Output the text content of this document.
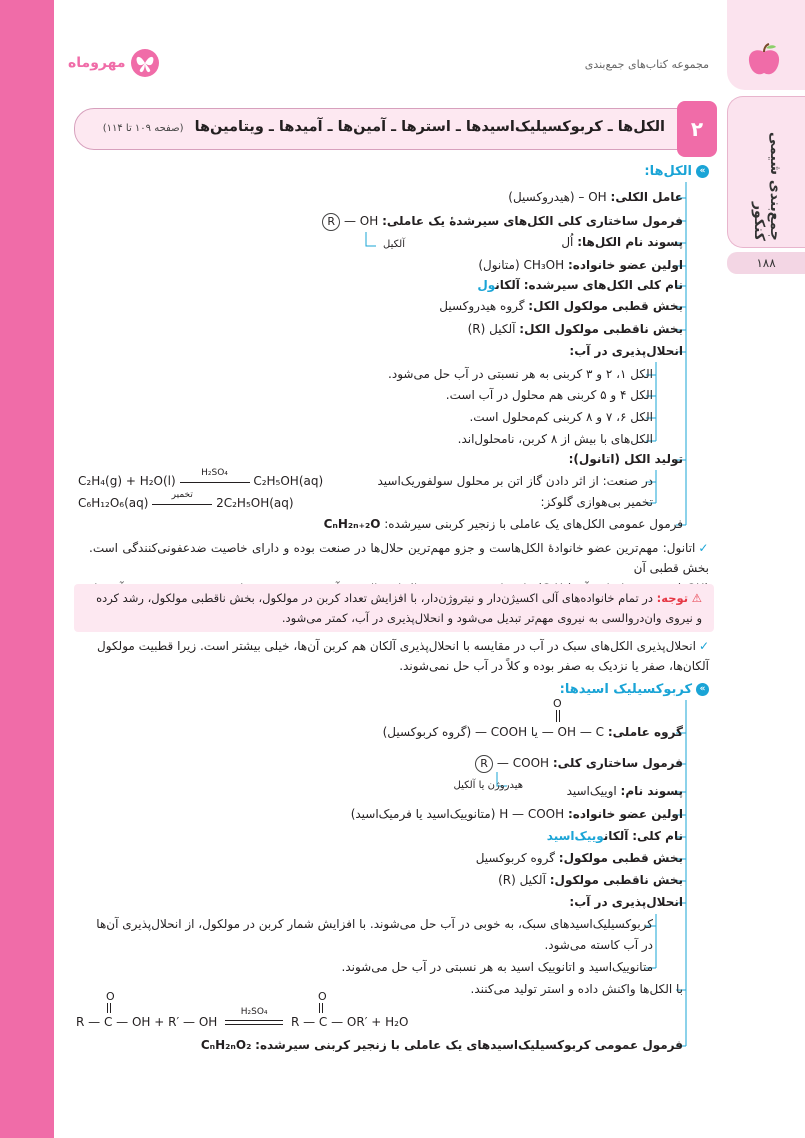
جمع‌بندی شیمی کنکور
۱۸۸
مجموعه کتاب‌های جمع‌بندی
مهروماه
۲
الکل‌ها ـ کربوکسیلیک‌اسیدها ـ استرها ـ آمین‌ها ـ آمیدها ـ ویتامین‌ها (صفحه ۱۰۹ تا ۱۱۴)
»الکل‌ها:
عامل الکلی: OH – (هیدروکسیل)
فرمول ساختاری کلی الکل‌های سیرشدهٔ یک عاملی: R — OH
آلکیل	پسوند نام الکل‌ها: اُل
اولین عضو خانواده: CH₃OH (متانول)
نام کلی الکل‌های سیرشده: آلکانول
بخش قطبی مولکول الکل: گروه هیدروکسیل
بخش ناقطبی مولکول الکل: آلکیل (R)
انحلال‌پذیری در آب:
الکل ۱، ۲ و ۳ کربنی به هر نسبتی در آب حل می‌شود.
الکل ۴ و ۵ کربنی هم محلول در آب است.
الکل ۶، ۷ و ۸ کربنی کم‌محلول است.
الکل‌های با بیش از ۸ کربن، نامحلول‌اند.
تولید الکل (اتانول):
در صنعت: از اثر دادن گاز اتن بر محلول سولفوریک‌اسید
تخمیر بی‌هوازی گلوکز:
C₂H₄(g) + H₂O(l)
H₂SO₄
C₂H₅OH(aq)
C₆H₁₂O₆(aq)
تخمیر
2C₂H₅OH(aq)
فرمول عمومی الکل‌های یک عاملی با زنجیر کربنی سیرشده: CₙH₂ₙ₊₂O
✓اتانول: مهم‌ترین عضو خانوادهٔ الکل‌هاست و جزو مهم‌ترین حلال‌ها در صنعت بوده و دارای خاصیت ضدعفونی‌کنندگی است. بخش قطبی آن
⚠ توجه: در تمام خانواده‌های آلی اکسیژن‌دار و نیتروژن‌دار، با افزایش تعداد کربن در مولکول، بخش ناقطبی مولکول، رشد کرده
و نیروی وان‌دروالسی به نیروی مهم‌تر تبدیل می‌شود و انحلال‌پذیری در آب، کمتر می‌شود.
✓انحلال‌پذیری الکل‌های سبک در آب در مقایسه با انحلال‌پذیری آلکان هم کربن آن‌ها، خیلی بیشتر است. زیرا قطبیت مولکول
آلکان‌ها، صفر یا نزدیک به صفر بوده و کلاً در آب حل نمی‌شوند.
»کربوکسیلیک اسیدها:
O
گروه عاملی: OH — C — یا COOH — (گروه کربوکسیل)
فرمول ساختاری کلی: R — COOH
هیدروژن یا آلکیل	پسوند نام: اوییک‌اسید
اولین عضو خانواده: H — COOH (متانوییک‌اسید یا فرمیک‌اسید)
نام کلی: آلکانوییک‌اسید
بخش قطبی مولکول: گروه کربوکسیل
بخش ناقطبی مولکول: آلکیل (R)
انحلال‌پذیری در آب:
کربوکسیلیک‌اسیدهای سبک، به خوبی در آب حل می‌شوند. با افزایش شمار کربن در مولکول، از انحلال‌پذیری آن‌ها
در آب کاسته می‌شود.
متانوییک‌اسید و اتانوییک اسید به هر نسبتی در آب حل می‌شوند.
با الکل‌ها واکنش داده و استر تولید می‌کنند.
O	O
R — C — OH + R′ — OH
H₂SO₄
R — C — OR′ + H₂O
فرمول عمومی کربوکسیلیک‌اسیدهای یک عاملی با زنجیر کربنی سیرشده: CₙH₂ₙO₂
